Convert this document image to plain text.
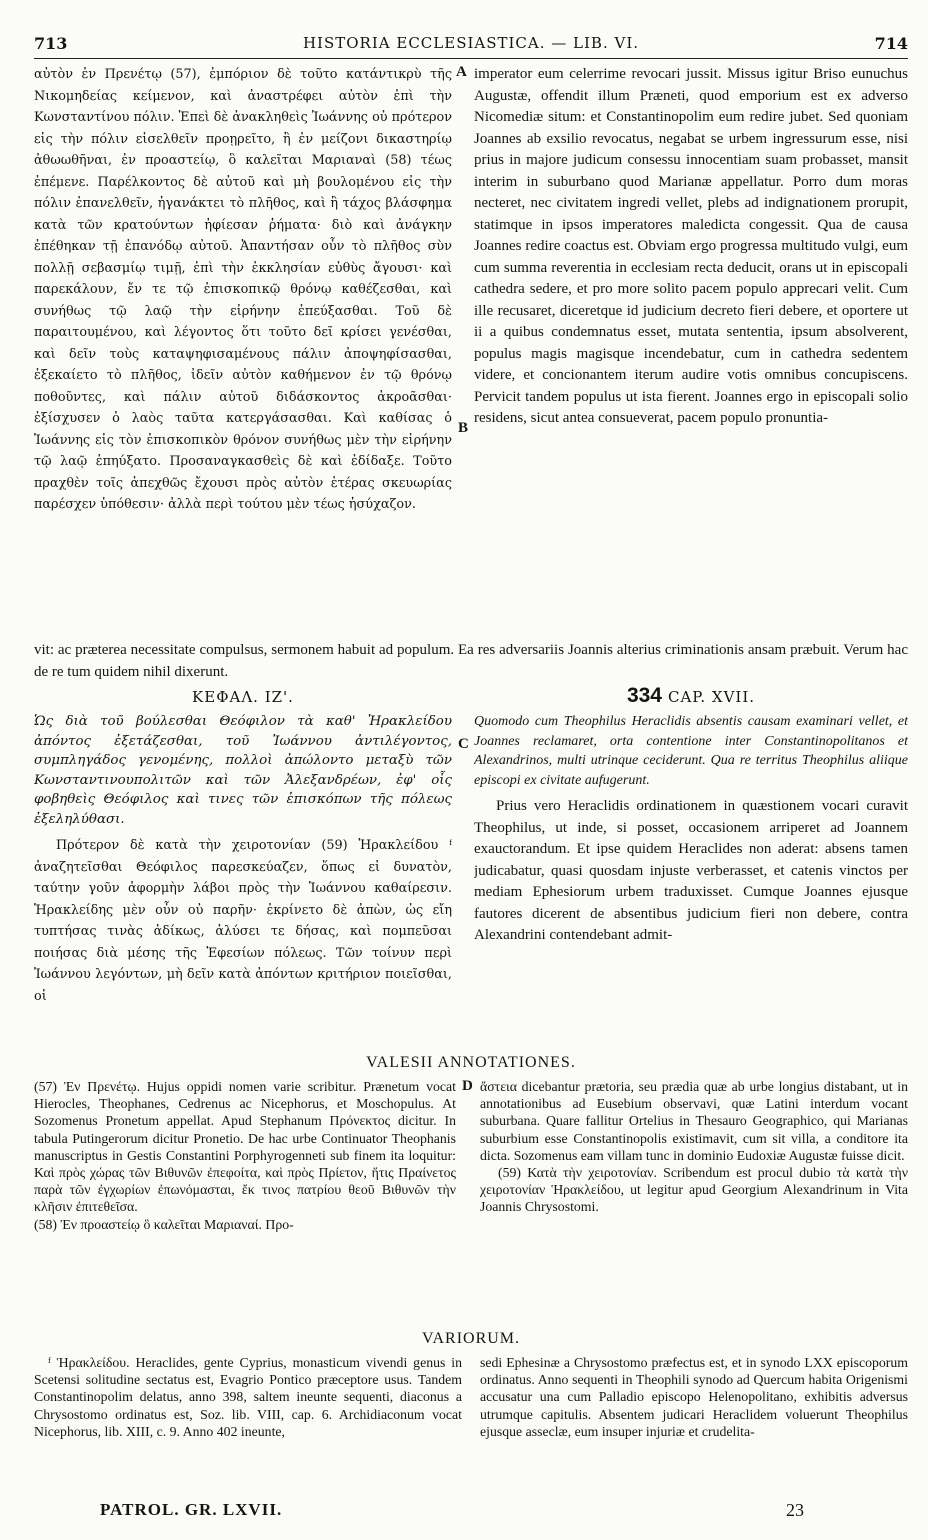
713	HISTORIA ECCLESIASTICA. — LIB. VI.	714

αὐτὸν ἐν Πρενέτῳ (57), ἐμπόριον δὲ τοῦτο κατάντικρὺ τῆς Νικομηδείας κείμενον, καὶ ἀναστρέφει αὐτὸν ἐπὶ τὴν Κωνσταντίνου πόλιν. Ἐπεὶ δὲ ἀνακληθεὶς Ἰωάννης οὐ πρότερον εἰς τὴν πόλιν εἰσελθεῖν προῃρεῖτο, ἢ ἐν μείζονι δικαστηρίῳ ἀθωωθῆναι, ἐν προαστείῳ, ὃ καλεῖται Μαριαναὶ (58) τέως ἐπέμενε. Παρέλκοντος δὲ αὐτοῦ καὶ μὴ βουλομένου εἰς τὴν πόλιν ἐπανελθεῖν, ἠγανάκτει τὸ πλῆθος, καὶ ἢ τάχος βλάσφημα κατὰ τῶν κρατούντων ἠφίεσαν ῥήματα· διὸ καὶ ἀνάγκην ἐπέθηκαν τῇ ἐπανόδῳ αὐτοῦ. Ἀπαντήσαν οὖν τὸ πλῆθος σὺν πολλῇ σεβασμίῳ τιμῇ, ἐπὶ τὴν ἐκκλησίαν εὐθὺς ἄγουσι· καὶ παρεκάλουν, ἔν τε τῷ ἐπισκοπικῷ θρόνῳ καθέζεσθαι, καὶ συνήθως τῷ λαῷ τὴν εἰρήνην ἐπεύξασθαι. Τοῦ δὲ παραιτουμένου, καὶ λέγοντος ὅτι τοῦτο δεῖ κρίσει γενέσθαι, καὶ δεῖν τοὺς καταψηφισαμένους πάλιν ἀποψηφίσασθαι, ἐξεκαίετο τὸ πλῆθος, ἰδεῖν αὐτὸν καθήμενον ἐν τῷ θρόνῳ ποθοῦντες, καὶ πάλιν αὐτοῦ διδάσκοντος ἀκροᾶσθαι· ἐξίσχυσεν ὁ λαὸς ταῦτα κατεργάσασθαι. Καὶ καθίσας ὁ Ἰωάννης εἰς τὸν ἐπισκοπικὸν θρόνον συνήθως μὲν τὴν εἰρήνην τῷ λαῷ ἐπηύξατο. Προσαναγκασθεὶς δὲ καὶ ἐδίδαξε. Τοῦτο πραχθὲν τοῖς ἀπεχθῶς ἔχουσι πρὸς αὐτὸν ἑτέρας σκευωρίας παρέσχεν ὑπόθεσιν· ἀλλὰ περὶ τούτου μὲν τέως ἡσύχαζον.

A
B

imperator eum celerrime revocari jussit. Missus igitur Briso eunuchus Augustæ, offendit illum Præneti, quod emporium est ex adverso Nicomediæ situm: et Constantinopolim eum redire jubet. Sed quoniam Joannes ab exsilio revocatus, negabat se urbem ingressurum esse, nisi prius in majore judicum consessu innocentiam suam probasset, mansit interim in suburbano quod Marianæ appellatur. Porro dum moras necteret, nec civitatem ingredi vellet, plebs ad indignationem prorupit, statimque in ipsos imperatores maledicta congessit. Qua de causa Joannes redire coactus est. Obviam ergo progressa multitudo vulgi, eum cum summa reverentia in ecclesiam recta deducit, orans ut in episcopali cathedra sedere, et pro more solito pacem populo apprecari velit. Cum ille recusaret, diceretque id judicium decreto fieri debere, et oportere ut ii a quibus condemnatus esset, mutata sententia, ipsum absolverent, populus magis magisque incendebatur, cum in cathedra sedentem videre, et concionantem iterum audire votis omnibus concupiscens. Pervicit tandem populus ut ista fierent. Joannes ergo in episcopali solio residens, sicut antea consueverat, pacem populo pronuntia-

vit: ac præterea necessitate compulsus, sermonem habuit ad populum. Ea res adversariis Joannis alterius criminationis ansam præbuit. Verum hac de re tum quidem nihil dixerunt.

ΚΕΦΑΛ. ΙΖ'.	334 CAP. XVII.
C

Ὡς διὰ τοῦ βούλεσθαι Θεόφιλον τὰ καθ' Ἡρακλείδου ἀπόντος ἐξετάζεσθαι, τοῦ Ἰωάννου ἀντιλέγοντος, συμπληγάδος γενομένης, πολλοὶ ἀπώλοντο μεταξὺ τῶν Κωνσταντινουπολιτῶν καὶ τῶν Ἀλεξανδρέων, ἐφ' οἷς φοβηθεὶς Θεόφιλος καὶ τινες τῶν ἐπισκόπων τῆς πόλεως ἐξεληλύθασι.

Πρότερον δὲ κατὰ τὴν χειροτονίαν (59) Ἡρακλείδου ᶠ ἀναζητεῖσθαι Θεόφιλος παρεσκεύαζεν, ὅπως εἰ δυνατὸν, ταύτην γοῦν ἀφορμὴν λάβοι πρὸς τὴν Ἰωάννου καθαίρεσιν. Ἡρακλείδης μὲν οὖν οὐ παρῆν· ἐκρίνετο δὲ ἀπὼν, ὡς εἴη τυπτήσας τινὰς ἀδίκως, ἀλύσει τε δήσας, καὶ πομπεῦσαι ποιήσας διὰ μέσης τῆς Ἐφεσίων πόλεως. Τῶν τοίνυν περὶ Ἰωάννου λεγόντων, μὴ δεῖν κατὰ ἀπόντων κριτήριον ποιεῖσθαι, οἱ

Quomodo cum Theophilus Heraclidis absentis causam examinari vellet, et Joannes reclamaret, orta contentione inter Constantinopolitanos et Alexandrinos, multi utrinque ceciderunt. Qua re territus Theophilus aliique episcopi ex civitate aufugerunt.

Prius vero Heraclidis ordinationem in quæstionem vocari curavit Theophilus, ut inde, si posset, occasionem arriperet ad Joannem exauctorandum. Et ipse quidem Heraclides non aderat: absens tamen judicabatur, quasi quosdam injuste verberasset, et catenis vinctos per mediam Ephesiorum urbem traduxisset. Cumque Joannes ejusque fautores dicerent de absentibus judicium fieri non debere, contra Alexandrini contendebant admit-

VALESII ANNOTATIONES.

(57) Ἐν Πρενέτῳ. Hujus oppidi nomen varie scribitur. Prænetum vocat Hierocles, Theophanes, Cedrenus ac Nicephorus, et Moschopulus. At Sozomenus Pronetum appellat. Apud Stephanum Πρόνεκτος dicitur. In tabula Putingerorum dicitur Pronetio. De hac urbe Continuator Theophanis manuscriptus in Gestis Constantini Porphyrogenneti sub finem ita loquitur: Καὶ πρὸς χώρας τῶν Βιθυνῶν ἐπεφοίτα, καὶ πρὸς Πρίετον, ἥτις Πραίνετος παρὰ τῶν ἐγχωρίων ἐπωνόμασται, ἔκ τινος πατρίου θεοῦ Βιθυνῶν τὴν κλῆσιν ἐπιτεθεῖσα.

(58) Ἐν προαστείῳ ὃ καλεῖται Μαριαναί. Προ-

D ἄστεια dicebantur prætoria, seu prædia quæ ab urbe longius distabant, ut in annotationibus ad Eusebium observavi, quæ Latini interdum vocant suburbana. Quare fallitur Ortelius in Thesauro Geographico, qui Marianas suburbium esse Constantinopolis existimavit, cum sit villa, a conditore ita dicta. Sozomenus eam villam tunc in dominio Eudoxiæ Augustæ fuisse dicit.

(59) Κατὰ τὴν χειροτονίαν. Scribendum est procul dubio τὰ κατὰ τὴν χειροτονίαν Ἡρακλείδου, ut legitur apud Georgium Alexandrinum in Vita Joannis Chrysostomi.

VARIORUM.

ᶠ Ἡρακλείδου. Heraclides, gente Cyprius, monasticum vivendi genus in Scetensi solitudine sectatus est, Evagrio Pontico præceptore usus. Tandem Constantinopolim delatus, anno 398, saltem ineunte sequenti, diaconus a Chrysostomo ordinatus est, Soz. lib. VIII, cap. 6. Archidiaconum vocat Nicephorus, lib. XIII, c. 9. Anno 402 ineunte,

sedi Ephesinæ a Chrysostomo præfectus est, et in synodo LXX episcoporum ordinatus. Anno sequenti in Theophili synodo ad Quercum habita Origenismi accusatur una cum Palladio episcopo Helenopolitano, exhibitis adversus utrumque capitulis. Absentem judicari Heraclidem voluerunt Theophilus ejusque asseclæ, eum insuper injuriæ et crudelita-

PATROL. GR. LXVII.	23
